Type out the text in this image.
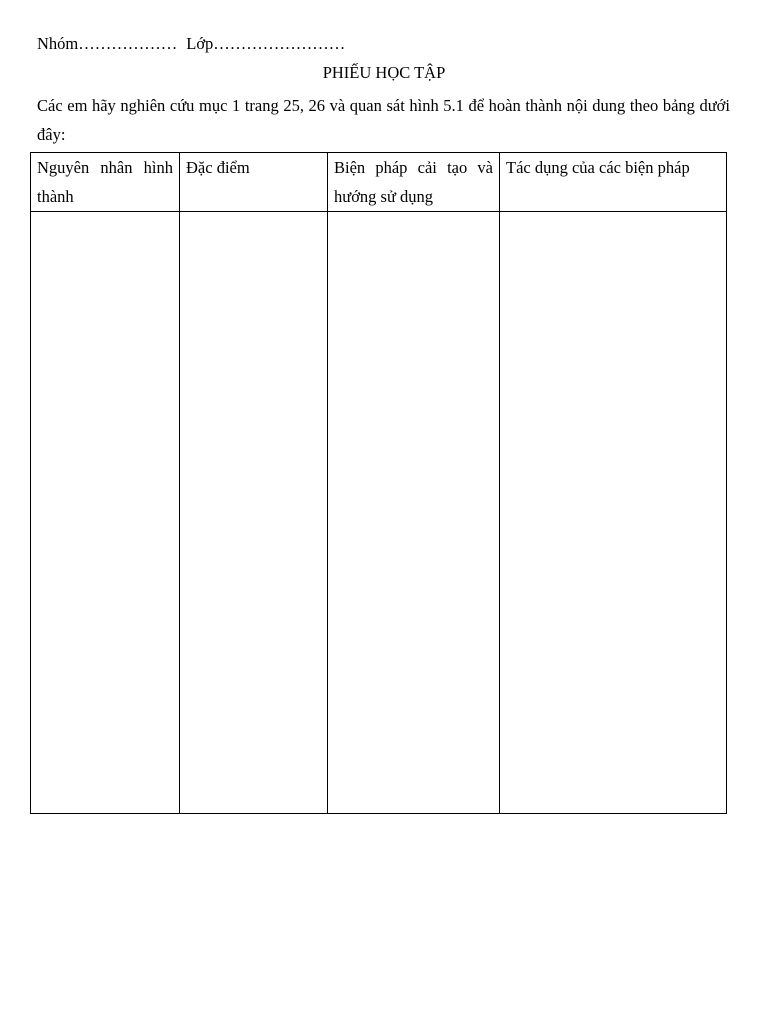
Nhóm……………… Lớp……………………
PHIẾU HỌC TẬP
Các em hãy nghiên cứu mục 1 trang 25, 26 và quan sát hình 5.1 để hoàn thành nội dung theo bảng dưới đây:
Nguyên nhân hình thành	Đặc điểm	Biện pháp cải tạo và hướng sử dụng	Tác dụng của các biện pháp
